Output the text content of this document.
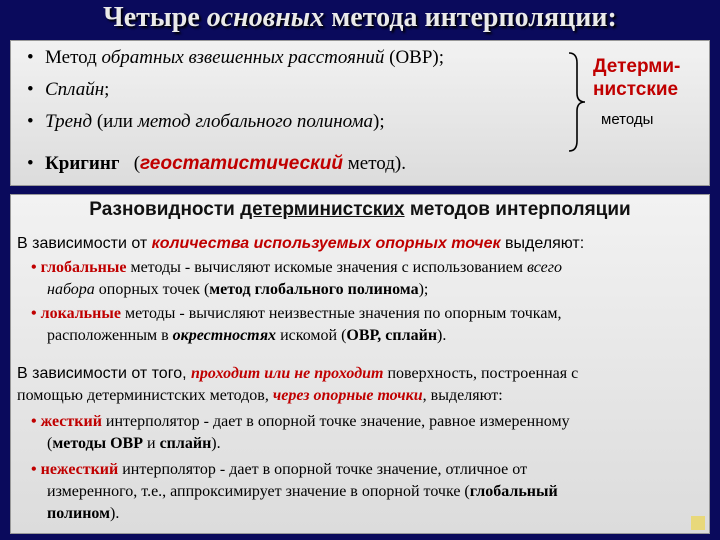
Четыре основных метода интерполяции:
• Метод обратных взвешенных расстояний (ОВР);
• Сплайн;
• Тренд (или метод глобального полинома);
• Кригинг (геостатистический метод).
Детерми-
нистские
методы
Разновидности детерминистских методов интерполяции
В зависимости от количества используемых опорных точек выделяют:
• глобальные методы - вычисляют искомые значения с использованием всего
набора опорных точек (метод глобального полинома);
• локальные методы - вычисляют неизвестные значения по опорным точкам,
расположенным в окрестностях искомой (ОВР, сплайн).
В зависимости от того, проходит или не проходит поверхность, построенная с
помощью детерминистских методов, через опорные точки, выделяют:
• жесткий интерполятор - дает в опорной точке значение, равное измеренному
(методы ОВР и сплайн).
• нежесткий интерполятор - дает в опорной точке значение, отличное от
измеренного, т.е., аппроксимирует значение в опорной точке (глобальный
полином).
